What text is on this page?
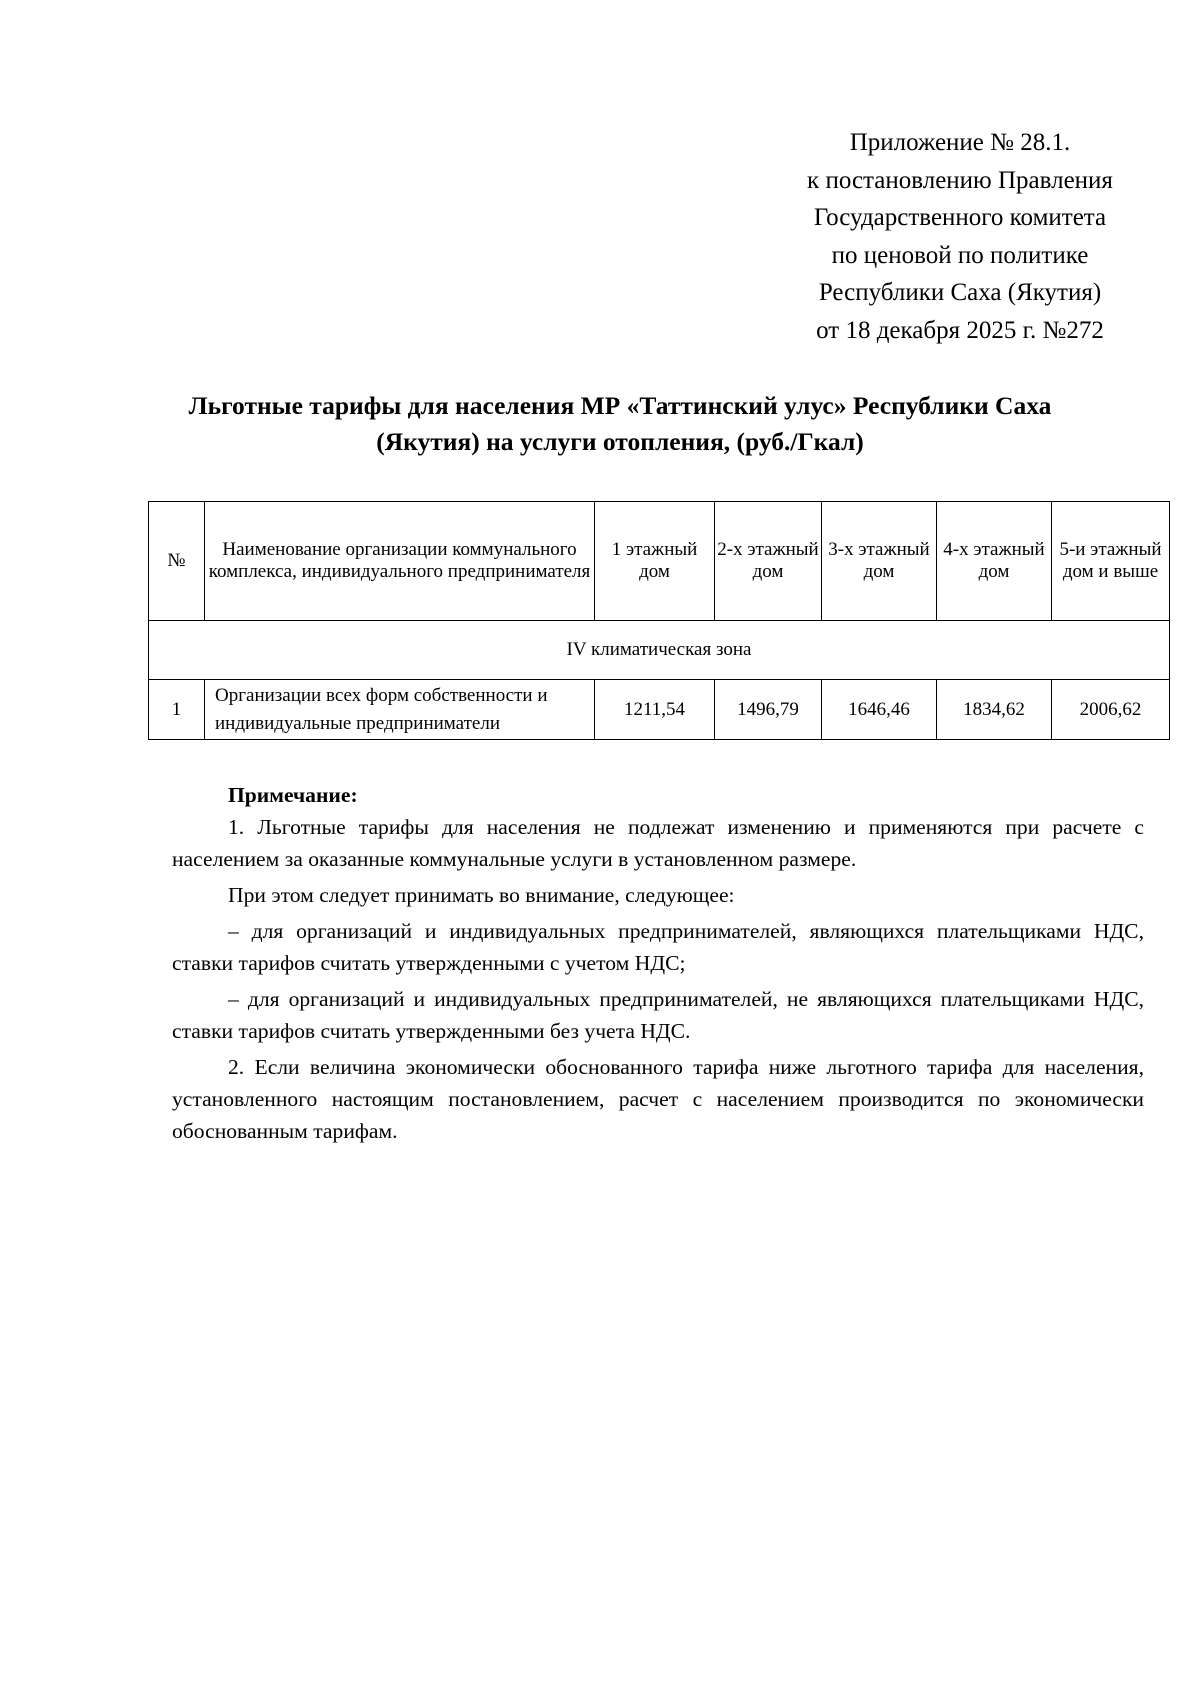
Приложение № 28.1.
к постановлению Правления
Государственного комитета
по ценовой по политике
Республики Саха (Якутия)
от 18 декабря 2025 г. №272
Льготные тарифы для населения МР «Таттинский улус» Республики Саха
(Якутия) на услуги отопления, (руб./Гкал)
№	Наименование организации коммунального комплекса, индивидуального предпринимателя	1 этажный дом	2-х этажный дом	3-х этажный дом	4-х этажный дом	5-и этажный дом и выше
IV климатическая зона						
1	Организации всех форм собственности и индивидуальные предприниматели	1211,54	1496,79	1646,46	1834,62	2006,62
Примечание:

1. Льготные тарифы для населения не подлежат изменению и применяются при расчете с населением за оказанные коммунальные услуги в установленном размере.

При этом следует принимать во внимание, следующее:

– для организаций и индивидуальных предпринимателей, являющихся плательщиками НДС, ставки тарифов считать утвержденными с учетом НДС;

– для организаций и индивидуальных предпринимателей, не являющихся плательщиками НДС, ставки тарифов считать утвержденными без учета НДС.

2. Если величина экономически обоснованного тарифа ниже льготного тарифа для населения, установленного настоящим постановлением, расчет с населением производится по экономически обоснованным тарифам.
